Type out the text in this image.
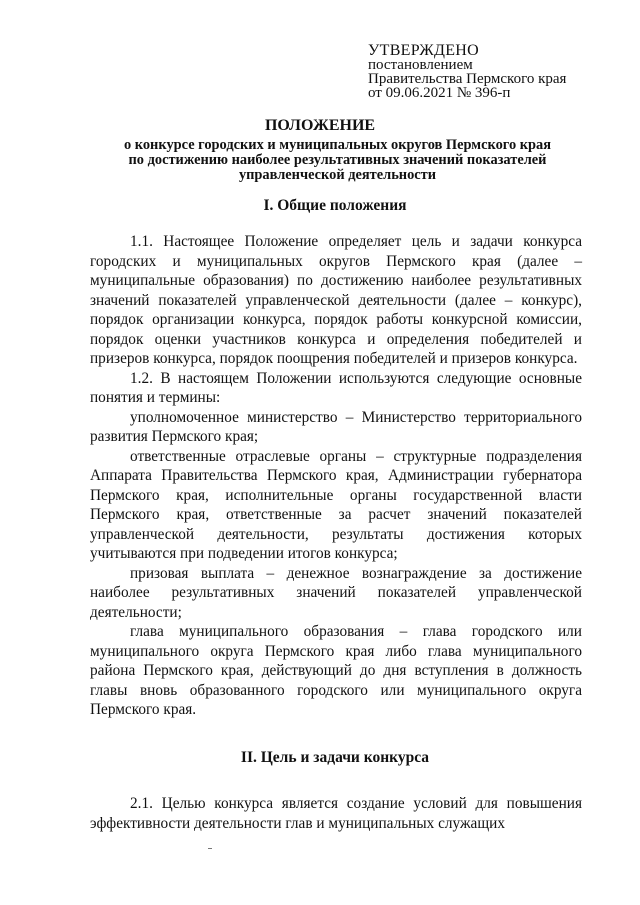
УТВЕРЖДЕНО
постановлением
Правительства Пермского края
от 09.06.2021 № 396-п
ПОЛОЖЕНИЕ
о конкурсе городских и муниципальных округов Пермского края
по достижению наиболее результативных значений показателей
управленческой деятельности
I. Общие положения

1.1. Настоящее Положение определяет цель и задачи конкурса городских и муниципальных округов Пермского края (далее – муниципальные образования) по достижению наиболее результативных значений показателей управленческой деятельности (далее – конкурс), порядок организации конкурса, порядок работы конкурсной комиссии, порядок оценки участников конкурса и определения победителей и призеров конкурса, порядок поощрения победителей и призеров конкурса.

1.2. В настоящем Положении используются следующие основные понятия и термины:

уполномоченное министерство – Министерство территориального развития Пермского края;

ответственные отраслевые органы – структурные подразделения Аппарата Правительства Пермского края, Администрации губернатора Пермского края, исполнительные органы государственной власти Пермского края, ответственные за расчет значений показателей управленческой деятельности, результаты достижения которых учитываются при подведении итогов конкурса;

призовая выплата – денежное вознаграждение за достижение наиболее результативных значений показателей управленческой деятельности;

глава муниципального образования – глава городского или муниципального округа Пермского края либо глава муниципального района Пермского края, действующий до дня вступления в должность главы вновь образованного городского или муниципального округа Пермского края.

II. Цель и задачи конкурса

2.1. Целью конкурса является создание условий для повышения эффективности деятельности глав и муниципальных служащих
